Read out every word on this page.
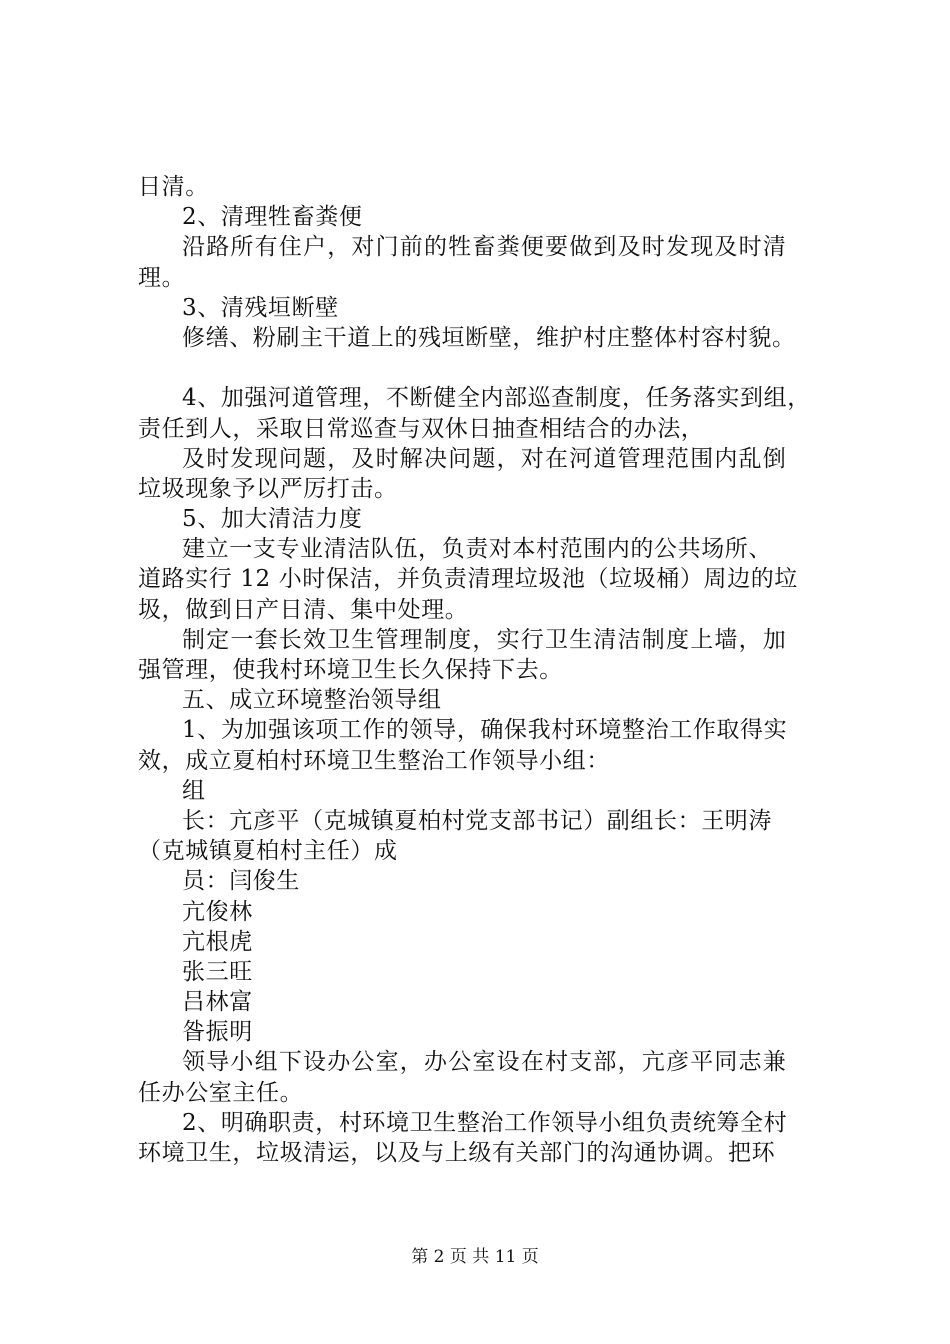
日清。
2、清理牲畜粪便
沿路所有住户，对门前的牲畜粪便要做到及时发现及时清
理。
3、清残垣断壁
修缮、粉刷主干道上的残垣断壁，维护村庄整体村容村貌。
4、加强河道管理，不断健全内部巡查制度，任务落实到组，
责任到人，采取日常巡查与双休日抽查相结合的办法，
及时发现问题，及时解决问题，对在河道管理范围内乱倒
垃圾现象予以严厉打击。
5、加大清洁力度
建立一支专业清洁队伍，负责对本村范围内的公共场所、
道路实行 12 小时保洁，并负责清理垃圾池（垃圾桶）周边的垃
圾，做到日产日清、集中处理。
制定一套长效卫生管理制度，实行卫生清洁制度上墙，加
强管理，使我村环境卫生长久保持下去。
五、成立环境整治领导组
1、为加强该项工作的领导，确保我村环境整治工作取得实
效，成立夏柏村环境卫生整治工作领导小组：
组
长：亢彦平（克城镇夏柏村党支部书记）副组长：王明涛
（克城镇夏柏村主任）成
员：闫俊生
亢俊林
亢根虎
张三旺
吕林富
昝振明
领导小组下设办公室，办公室设在村支部，亢彦平同志兼
任办公室主任。
2、明确职责，村环境卫生整治工作领导小组负责统筹全村
环境卫生，垃圾清运，以及与上级有关部门的沟通协调。把环
第 2 页 共 11 页
